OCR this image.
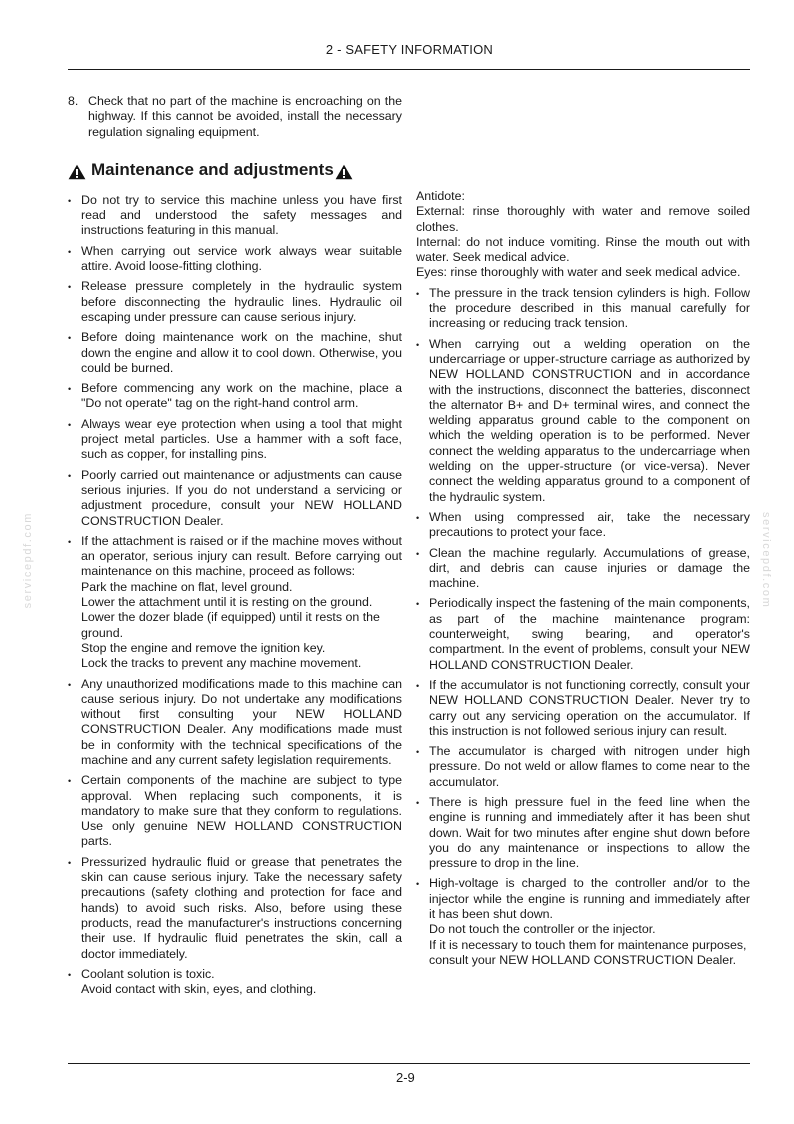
2 - SAFETY INFORMATION
servicepdf.com	servicepdf.com
8. Check that no part of the machine is encroaching on the highway. If this cannot be avoided, install the necessary regulation signaling equipment.
Maintenance and adjustments
• Do not try to service this machine unless you have first read and understood the safety messages and instructions featuring in this manual.
• When carrying out service work always wear suitable attire. Avoid loose-fitting clothing.
• Release pressure completely in the hydraulic system before disconnecting the hydraulic lines. Hydraulic oil escaping under pressure can cause serious injury.
• Before doing maintenance work on the machine, shut down the engine and allow it to cool down. Otherwise, you could be burned.
• Before commencing any work on the machine, place a "Do not operate" tag on the right-hand control arm.
• Always wear eye protection when using a tool that might project metal particles. Use a hammer with a soft face, such as copper, for installing pins.
• Poorly carried out maintenance or adjustments can cause serious injuries. If you do not understand a servicing or adjustment procedure, consult your NEW HOLLAND CONSTRUCTION Dealer.
• If the attachment is raised or if the machine moves without an operator, serious injury can result. Before carrying out maintenance on this machine, proceed as follows:
Park the machine on flat, level ground.
Lower the attachment until it is resting on the ground.
Lower the dozer blade (if equipped) until it rests on the ground.
Stop the engine and remove the ignition key.
Lock the tracks to prevent any machine movement.
• Any unauthorized modifications made to this machine can cause serious injury. Do not undertake any modifications without first consulting your NEW HOLLAND CONSTRUCTION Dealer. Any modifications made must be in conformity with the technical specifications of the machine and any current safety legislation requirements.
• Certain components of the machine are subject to type approval. When replacing such components, it is mandatory to make sure that they conform to regulations. Use only genuine NEW HOLLAND CONSTRUCTION parts.
• Pressurized hydraulic fluid or grease that penetrates the skin can cause serious injury. Take the necessary safety precautions (safety clothing and protection for face and hands) to avoid such risks. Also, before using these products, read the manufacturer's instructions concerning their use. If hydraulic fluid penetrates the skin, call a doctor immediately.
• Coolant solution is toxic.
Avoid contact with skin, eyes, and clothing.
Antidote:
External: rinse thoroughly with water and remove soiled clothes.
Internal: do not induce vomiting. Rinse the mouth out with water. Seek medical advice.
Eyes: rinse thoroughly with water and seek medical advice.
• The pressure in the track tension cylinders is high. Follow the procedure described in this manual carefully for increasing or reducing track tension.
• When carrying out a welding operation on the undercarriage or upper-structure carriage as authorized by NEW HOLLAND CONSTRUCTION and in accordance with the instructions, disconnect the batteries, disconnect the alternator B+ and D+ terminal wires, and connect the welding apparatus ground cable to the component on which the welding operation is to be performed. Never connect the welding apparatus to the undercarriage when welding on the upper-structure (or vice-versa). Never connect the welding apparatus ground to a component of the hydraulic system.
• When using compressed air, take the necessary precautions to protect your face.
• Clean the machine regularly. Accumulations of grease, dirt, and debris can cause injuries or damage the machine.
• Periodically inspect the fastening of the main components, as part of the machine maintenance program: counterweight, swing bearing, and operator's compartment. In the event of problems, consult your NEW HOLLAND CONSTRUCTION Dealer.
• If the accumulator is not functioning correctly, consult your NEW HOLLAND CONSTRUCTION Dealer. Never try to carry out any servicing operation on the accumulator. If this instruction is not followed serious injury can result.
• The accumulator is charged with nitrogen under high pressure. Do not weld or allow flames to come near to the accumulator.
• There is high pressure fuel in the feed line when the engine is running and immediately after it has been shut down. Wait for two minutes after engine shut down before you do any maintenance or inspections to allow the pressure to drop in the line.
• High-voltage is charged to the controller and/or to the injector while the engine is running and immediately after it has been shut down.
Do not touch the controller or the injector.
If it is necessary to touch them for maintenance purposes, consult your NEW HOLLAND CONSTRUCTION Dealer.
2-9
